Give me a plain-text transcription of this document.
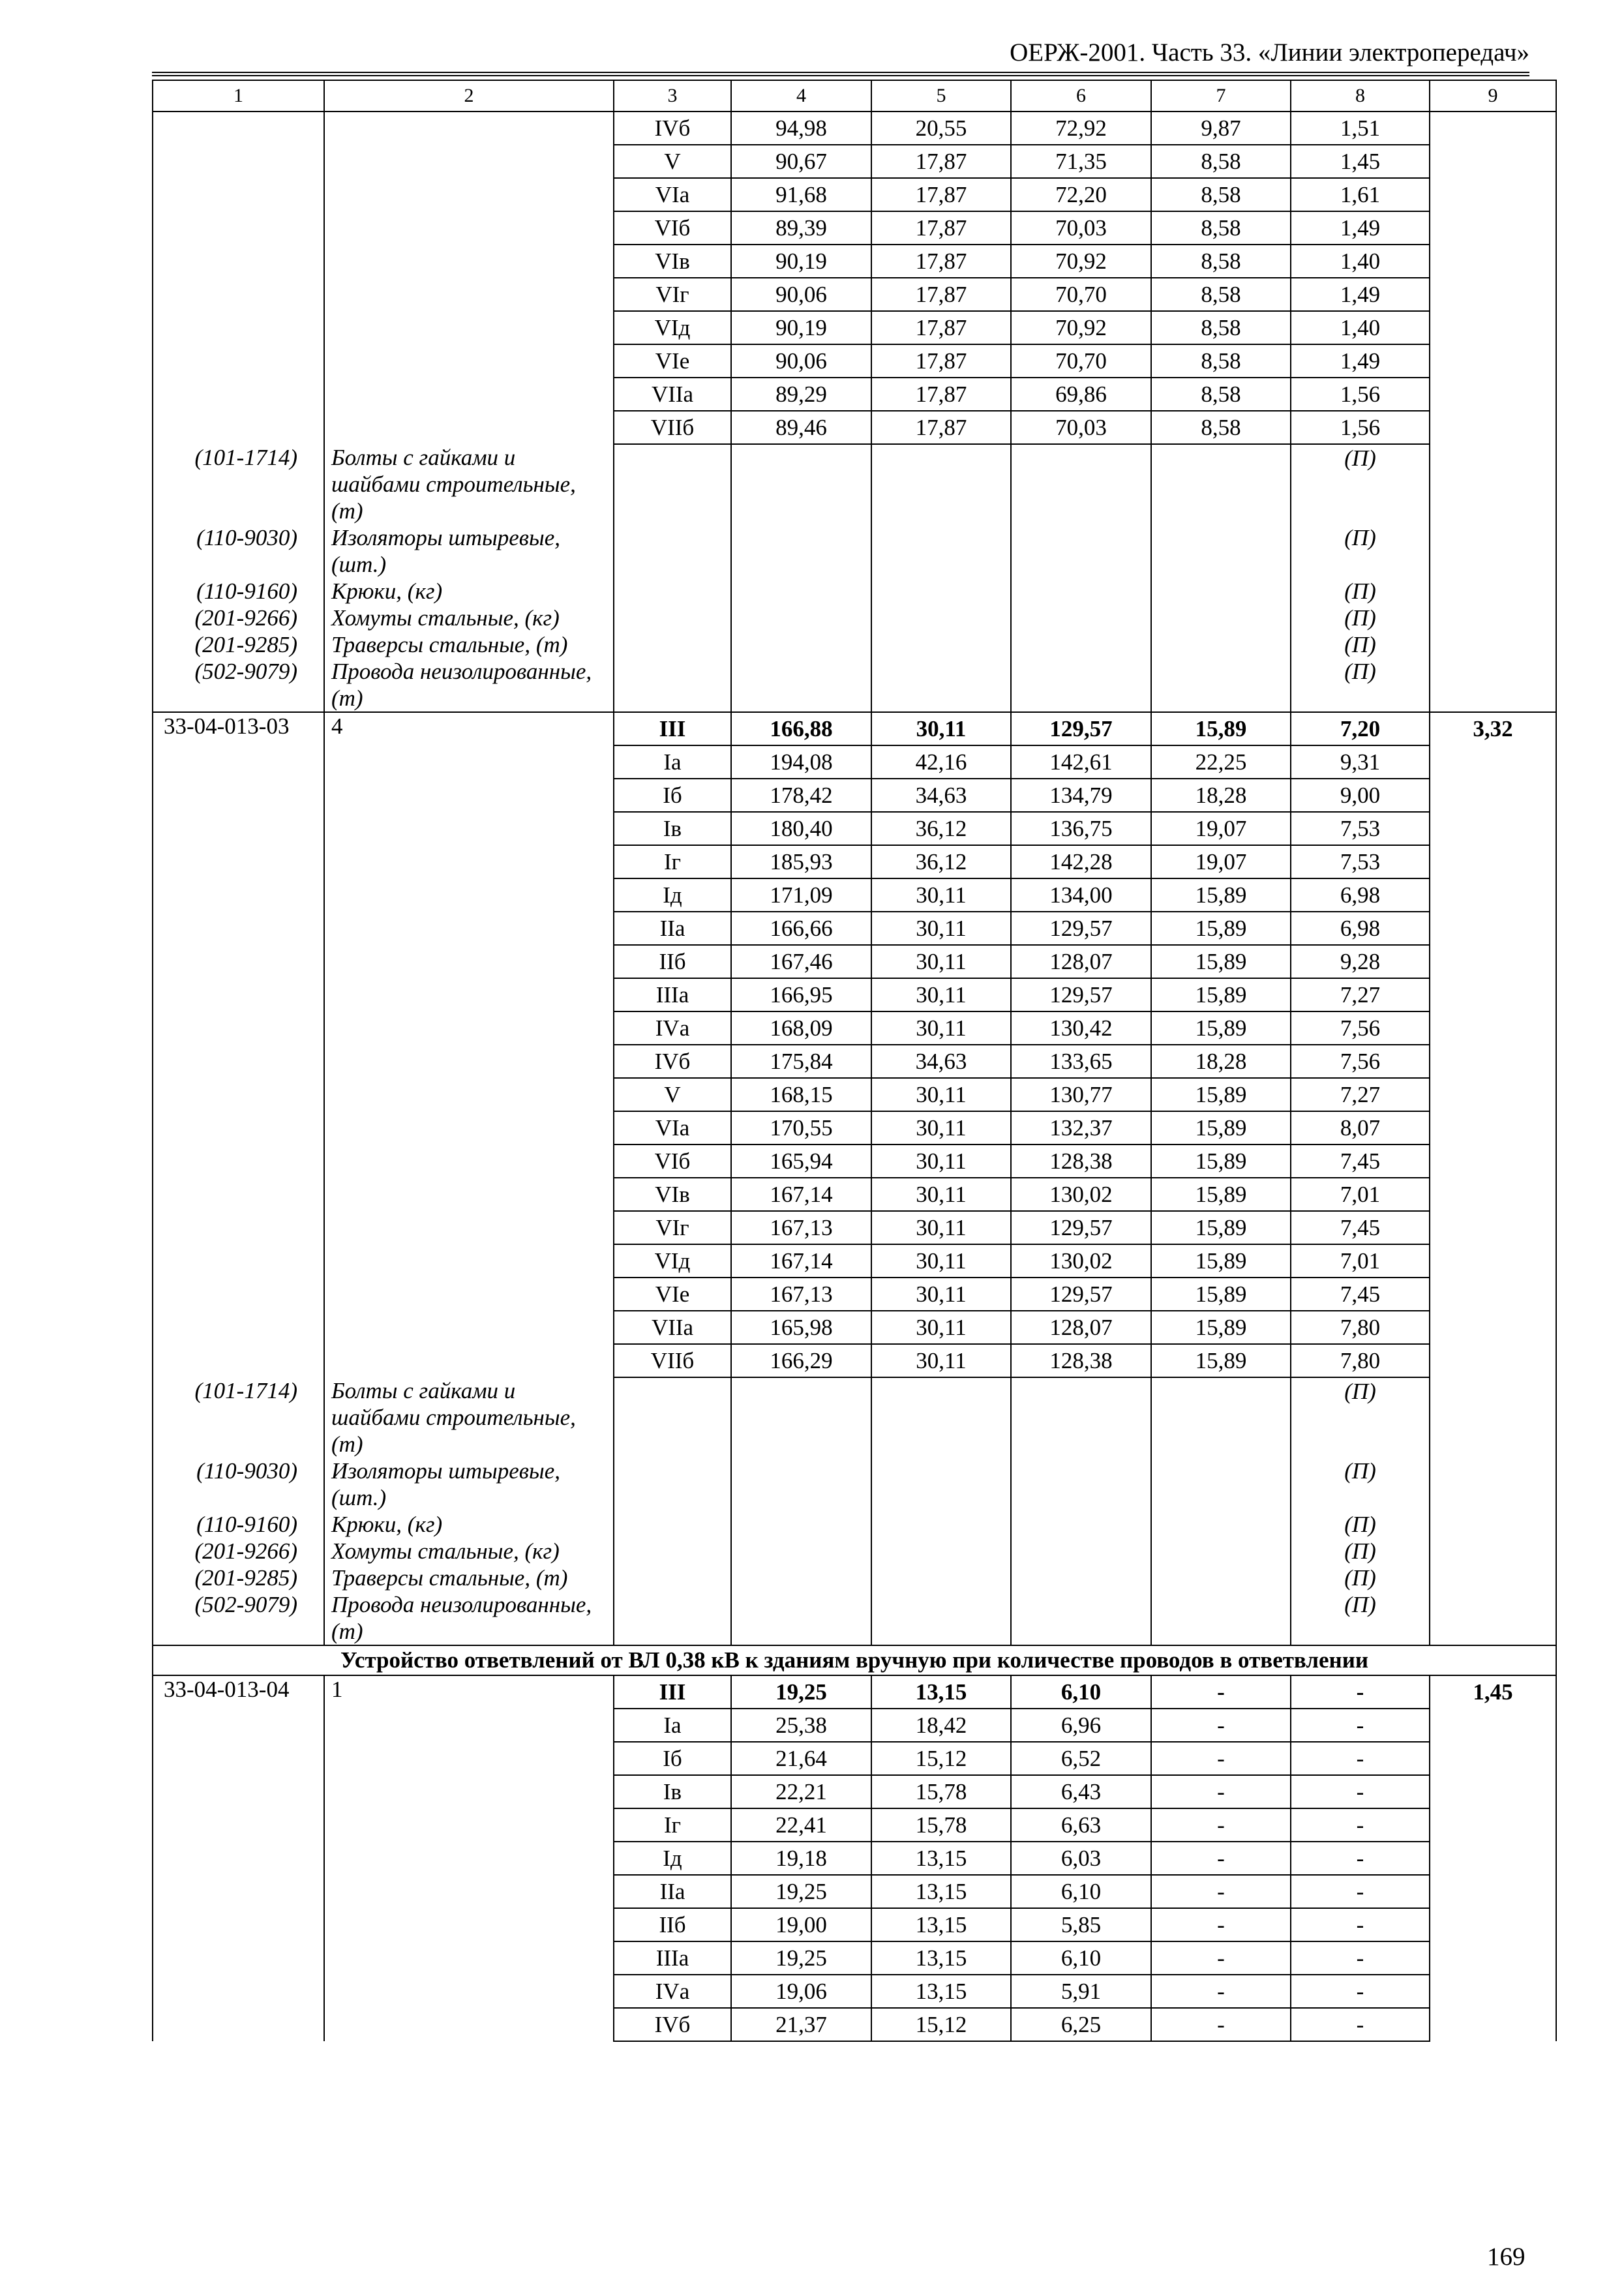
ОЕРЖ-2001. Часть 33. «Линии электропередач»
1	2	3	4	5	6	7	8	9
		IVб	94,98	20,55	72,92	9,87	1,51	
		V	90,67	17,87	71,35	8,58	1,45	
		VIа	91,68	17,87	72,20	8,58	1,61	
		VIб	89,39	17,87	70,03	8,58	1,49	
		VIв	90,19	17,87	70,92	8,58	1,40	
		VIг	90,06	17,87	70,70	8,58	1,49	
		VIд	90,19	17,87	70,92	8,58	1,40	
		VIе	90,06	17,87	70,70	8,58	1,49	
		VIIа	89,29	17,87	69,86	8,58	1,56	
		VIIб	89,46	17,87	70,03	8,58	1,56	
(101-1714)	Болты с гайками и шайбами строительные, (т)						(П)	
(110-9030)	Изоляторы штыревые, (шт.)						(П)	
(110-9160)	Крюки, (кг)						(П)	
(201-9266)	Хомуты стальные, (кг)						(П)	
(201-9285)	Траверсы стальные, (т)						(П)	
(502-9079)	Провода неизолированные, (т)						(П)	
33-04-013-03	4	III	166,88	30,11	129,57	15,89	7,20	3,32
		Iа	194,08	42,16	142,61	22,25	9,31	
		Iб	178,42	34,63	134,79	18,28	9,00	
		Iв	180,40	36,12	136,75	19,07	7,53	
		Iг	185,93	36,12	142,28	19,07	7,53	
		Iд	171,09	30,11	134,00	15,89	6,98	
		IIа	166,66	30,11	129,57	15,89	6,98	
		IIб	167,46	30,11	128,07	15,89	9,28	
		IIIа	166,95	30,11	129,57	15,89	7,27	
		IVа	168,09	30,11	130,42	15,89	7,56	
		IVб	175,84	34,63	133,65	18,28	7,56	
		V	168,15	30,11	130,77	15,89	7,27	
		VIа	170,55	30,11	132,37	15,89	8,07	
		VIб	165,94	30,11	128,38	15,89	7,45	
		VIв	167,14	30,11	130,02	15,89	7,01	
		VIг	167,13	30,11	129,57	15,89	7,45	
		VIд	167,14	30,11	130,02	15,89	7,01	
		VIе	167,13	30,11	129,57	15,89	7,45	
		VIIа	165,98	30,11	128,07	15,89	7,80	
		VIIб	166,29	30,11	128,38	15,89	7,80	
(101-1714)	Болты с гайками и шайбами строительные, (т)						(П)	
(110-9030)	Изоляторы штыревые, (шт.)						(П)	
(110-9160)	Крюки, (кг)						(П)	
(201-9266)	Хомуты стальные, (кг)						(П)	
(201-9285)	Траверсы стальные, (т)						(П)	
(502-9079)	Провода неизолированные, (т)						(П)	
Устройство ответвлений от ВЛ 0,38 кВ к зданиям вручную при количестве проводов в ответвлении								
33-04-013-04	1	III	19,25	13,15	6,10	-	-	1,45
		Iа	25,38	18,42	6,96	-	-	
		Iб	21,64	15,12	6,52	-	-	
		Iв	22,21	15,78	6,43	-	-	
		Iг	22,41	15,78	6,63	-	-	
		Iд	19,18	13,15	6,03	-	-	
		IIа	19,25	13,15	6,10	-	-	
		IIб	19,00	13,15	5,85	-	-	
		IIIа	19,25	13,15	6,10	-	-	
		IVа	19,06	13,15	5,91	-	-	
		IVб	21,37	15,12	6,25	-	-	
169
